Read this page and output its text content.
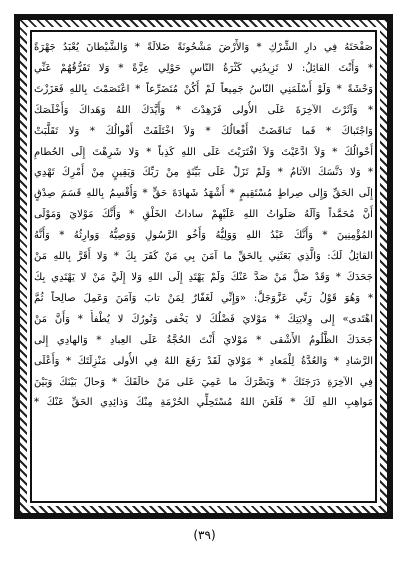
صَفْحَتَهُ فِي دارِ الشِّرْكِ * وَالأَرْضَ مَشْحُونَةً ضَلالَةً * وَالشَّيْطانَ يُعْبَدُ جَهْرَةً
* وَأَنْتَ القائِلُ: لا تَزِيدُنِي كَثْرَةُ النّاسِ حَوْلِي عِزَّةً * وَلا تَفَرُّقُهُمْ عَنِّي
وَحْشَةً * وَلَوْ أَسْلَمَنِي النّاسُ جَمِيعاً لَمْ أَكُنْ مُتَضَرِّعاً * اعْتَصَمْتَ بِاللهِ فَعَزَزْتَ
* وَآثَرْتَ الآخِرَةَ عَلَى الأُولى فَزَهِدْتَ * وَأَيَّدَكَ اللهُ وَهَداكَ وَأَخْلَصَكَ
وَاجْتَباكَ * فَما تَناقَضَتْ أَفْعالُكَ * وَلاَ اخْتَلَفَتْ أَقْوالُكَ * وَلا تَقَلَّبَتْ
أَحْوالُكَ * وَلاَ ادَّعَيْتَ وَلاَ افْتَرَيْتَ عَلَى اللهِ كَذِباً * وَلا شَرِهْتَ إِلَى الحُطامِ
* وَلا دَنَّسَكَ الآثامُ * وَلَمْ تَزَلْ عَلَى بَيِّنَةٍ مِنْ رَبِّكَ وَيَقِينٍ مِنْ أَمْرِكَ تَهْدِي
إِلَى الحَقِّ وَإِلى صِراطٍ مُسْتَقِيمٍ * أَشْهَدُ شَهادَةَ حَقٍّ * وَأُقْسِمُ بِاللهِ قَسَمَ صِدْقٍ
أَنَّ مُحَمَّداً وَآلَهُ صَلَواتُ اللهِ عَلَيْهِمْ ساداتُ الخَلْقِ * وَأَنَّكَ مَوْلايَ وَمَوْلَى
المُؤْمِنِينَ * وَأَنَّكَ عَبْدُ اللهِ وَوَلِيُّهُ وَأَخُو الرَّسُولِ وَوَصِيُّهُ وَوارِثُهُ * وَأَنَّهُ
القائِلُ لَكَ: وَالَّذِي بَعَثَنِي بِالحَقِّ ما آمَنَ بِي مَنْ كَفَرَ بِكَ * وَلا أَقَرَّ بِاللهِ مَنْ
جَحَدَكَ * وَقَدْ ضَلَّ مَنْ صَدَّ عَنْكَ وَلَمْ يَهْتَدِ إِلَى اللهِ وَلا إِلَيَّ مَنْ لا يَهْتَدِي بِكَ
* وَهُوَ قَوْلُ رَبِّي عَزَّوَجَلَّ: «وَإِنِّي لَغَفّارٌ لِمَنْ تابَ وَآمَنَ وَعَمِلَ صالِحاً ثُمَّ
اهْتَدى» إِلى وِلايَتِكَ * مَوْلايَ فَضْلُكَ لا يَخْفى وَنُورُكَ لا يُطْفأُ * وَأَنَّ مَنْ
جَحَدَكَ الظَّلُومُ الأَشْقى * مَوْلايَ أَنْتَ الحُجَّةُ عَلَى العِبادِ * وَالهادِي إِلى
الرَّشادِ * وَالعُدَّةُ لِلْمَعادِ * مَوْلايَ لَقَدْ رَفَعَ اللهُ فِي الأُولى مَنْزِلَتَكَ * وَأَعْلَى
فِي الآخِرَةِ دَرَجَتَكَ * وَبَصَّرَكَ ما عَمِيَ عَلى مَنْ خالَفَكَ * وَحالَ بَيْنَكَ وَبَيْنَ
مَواهِبِ اللهِ لَكَ * فَلَعَنَ اللهُ مُسْتَحِلِّي الحُرْمَةِ مِنْكَ وَذائِدِي الحَقِّ عَنْكَ *
(٣٩)
